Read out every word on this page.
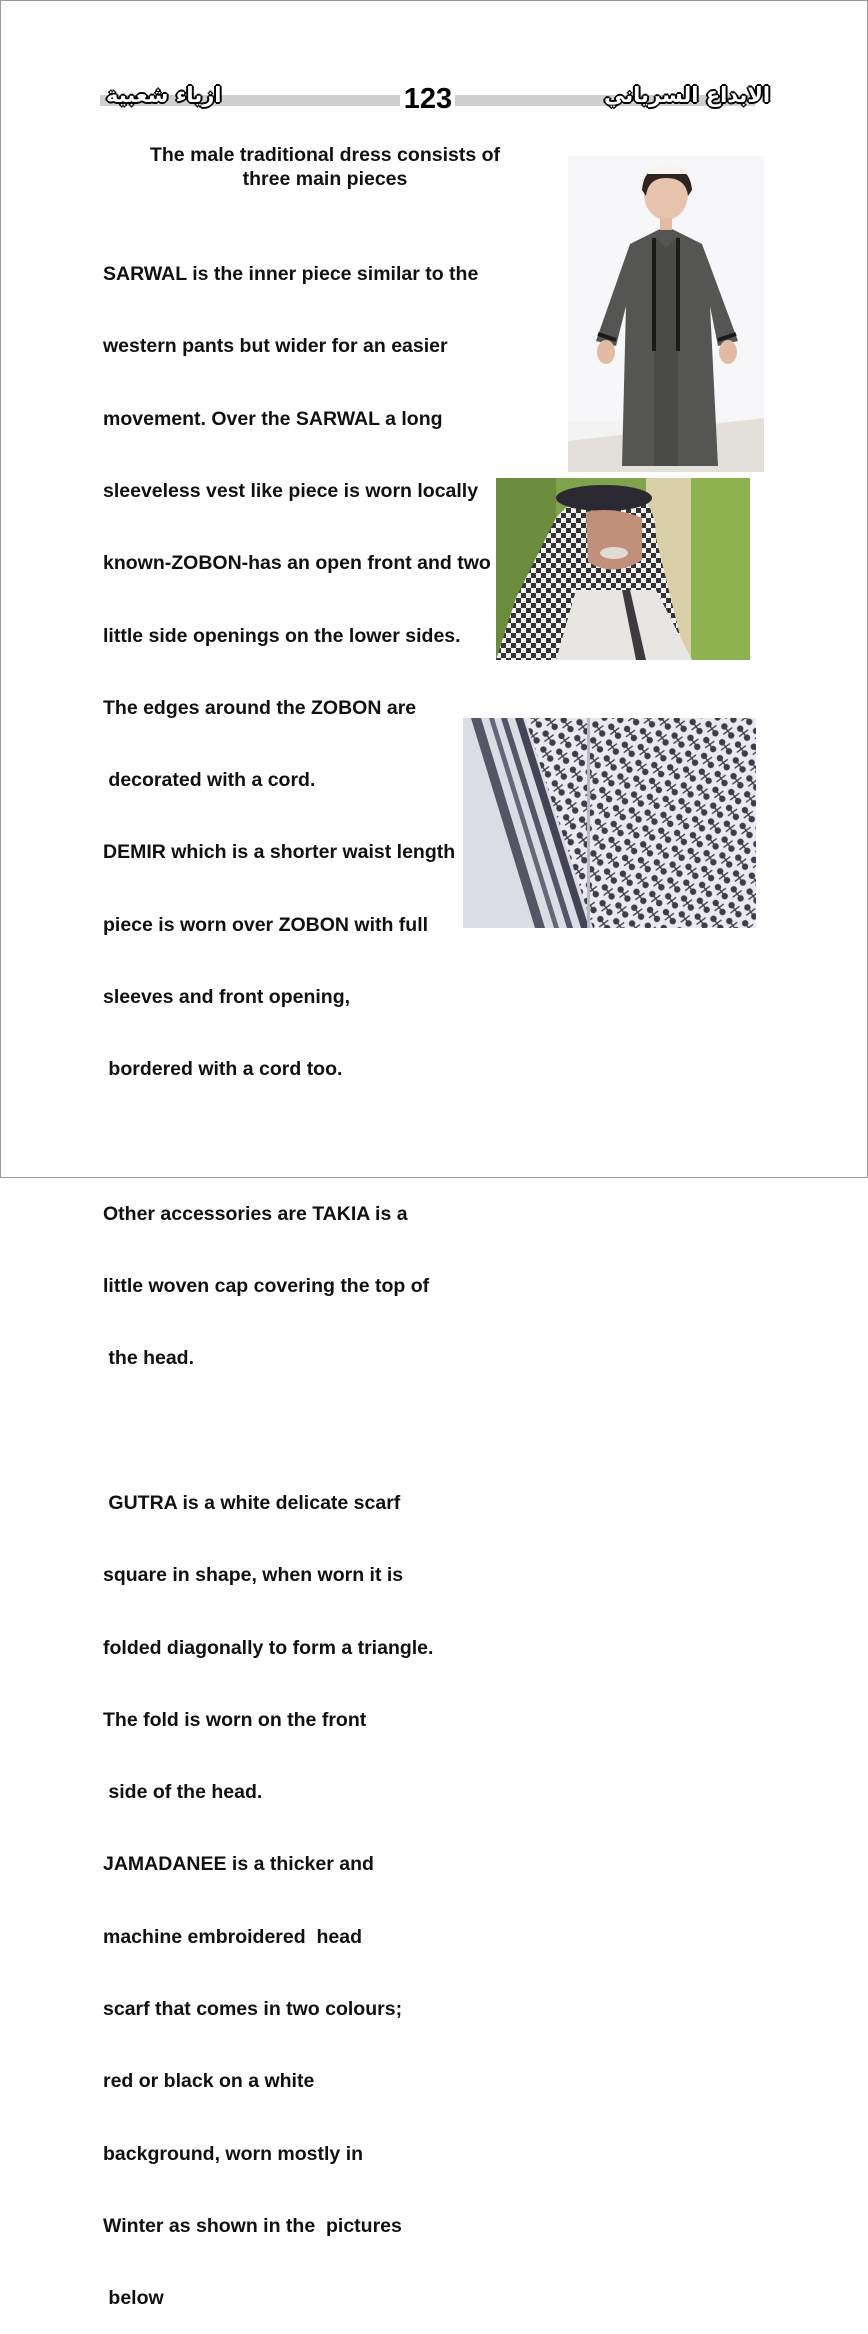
ازياء شعبية	123	الابداع السرياني
The male traditional dress consists of
three main pieces

SARWAL is the inner piece similar to the

western pants but wider for an easier

movement. Over the SARWAL a long

sleeveless vest like piece is worn locally

known-ZOBON-has an open front and two

little side openings on the lower sides.

The edges around the ZOBON are

decorated with a cord.

DEMIR which is a shorter waist length

piece is worn over ZOBON with full

sleeves and front opening,

bordered with a cord too.

Other accessories are TAKIA is a

little woven cap covering the top of

the head.

GUTRA is a white delicate scarf

square in shape, when worn it is

folded diagonally to form a triangle.

The fold is worn on the front

side of the head.

JAMADANEE is a thicker and

machine embroidered  head

scarf that comes in two colours;

red or black on a white

background, worn mostly in

Winter as shown in the  pictures

below
